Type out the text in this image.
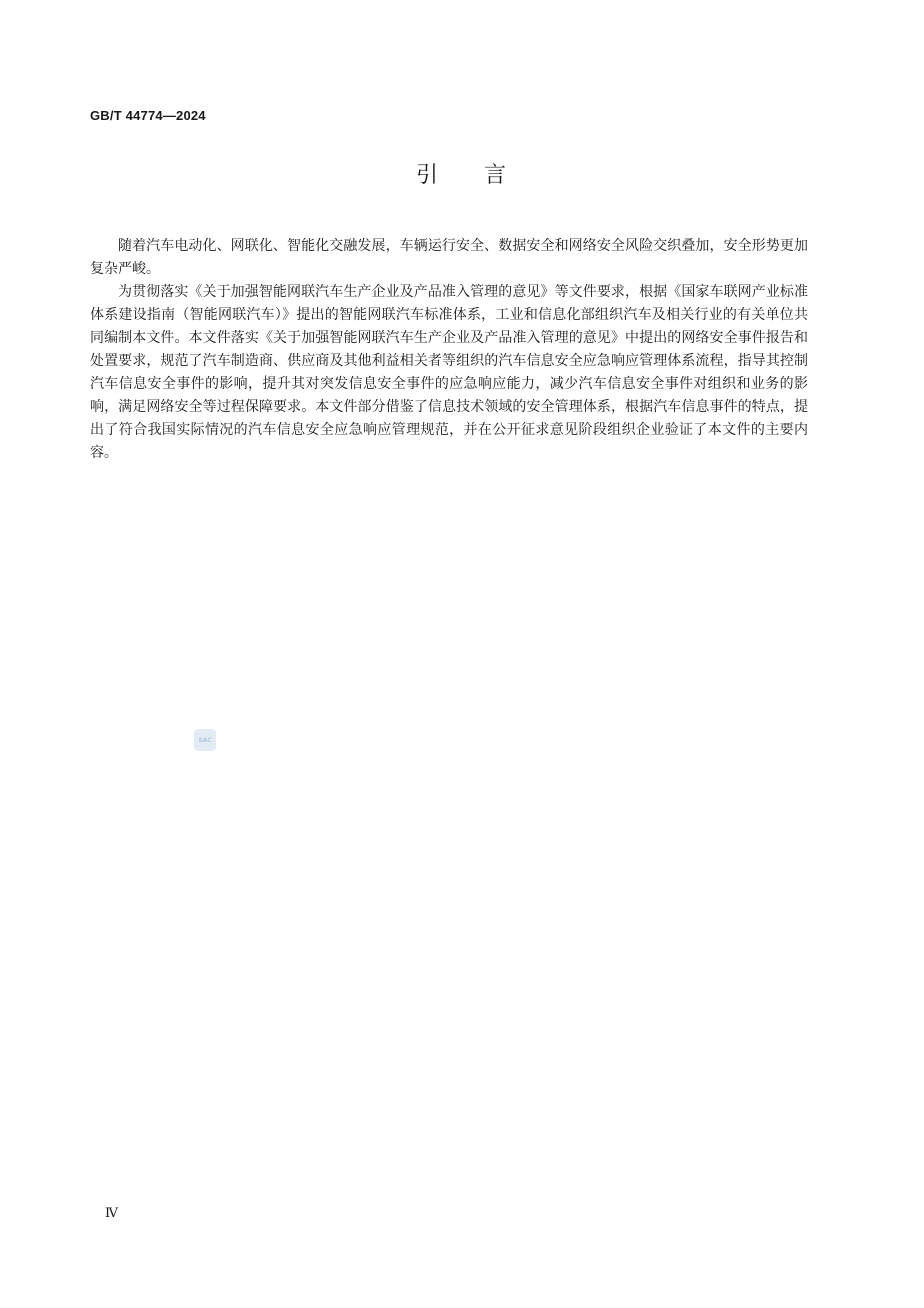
GB/T 44774—2024
引 言

随着汽车电动化、网联化、智能化交融发展，车辆运行安全、数据安全和网络安全风险交织叠加，安全形势更加复杂严峻。

为贯彻落实《关于加强智能网联汽车生产企业及产品准入管理的意见》等文件要求，根据《国家车联网产业标准体系建设指南（智能网联汽车）》提出的智能网联汽车标准体系，工业和信息化部组织汽车及相关行业的有关单位共同编制本文件。本文件落实《关于加强智能网联汽车生产企业及产品准入管理的意见》中提出的网络安全事件报告和处置要求，规范了汽车制造商、供应商及其他利益相关者等组织的汽车信息安全应急响应管理体系流程，指导其控制汽车信息安全事件的影响，提升其对突发信息安全事件的应急响应能力，减少汽车信息安全事件对组织和业务的影响，满足网络安全等过程保障要求。本文件部分借鉴了信息技术领域的安全管理体系，根据汽车信息事件的特点，提出了符合我国实际情况的汽车信息安全应急响应管理规范，并在公开征求意见阶段组织企业验证了本文件的主要内容。

SAC
Ⅳ
